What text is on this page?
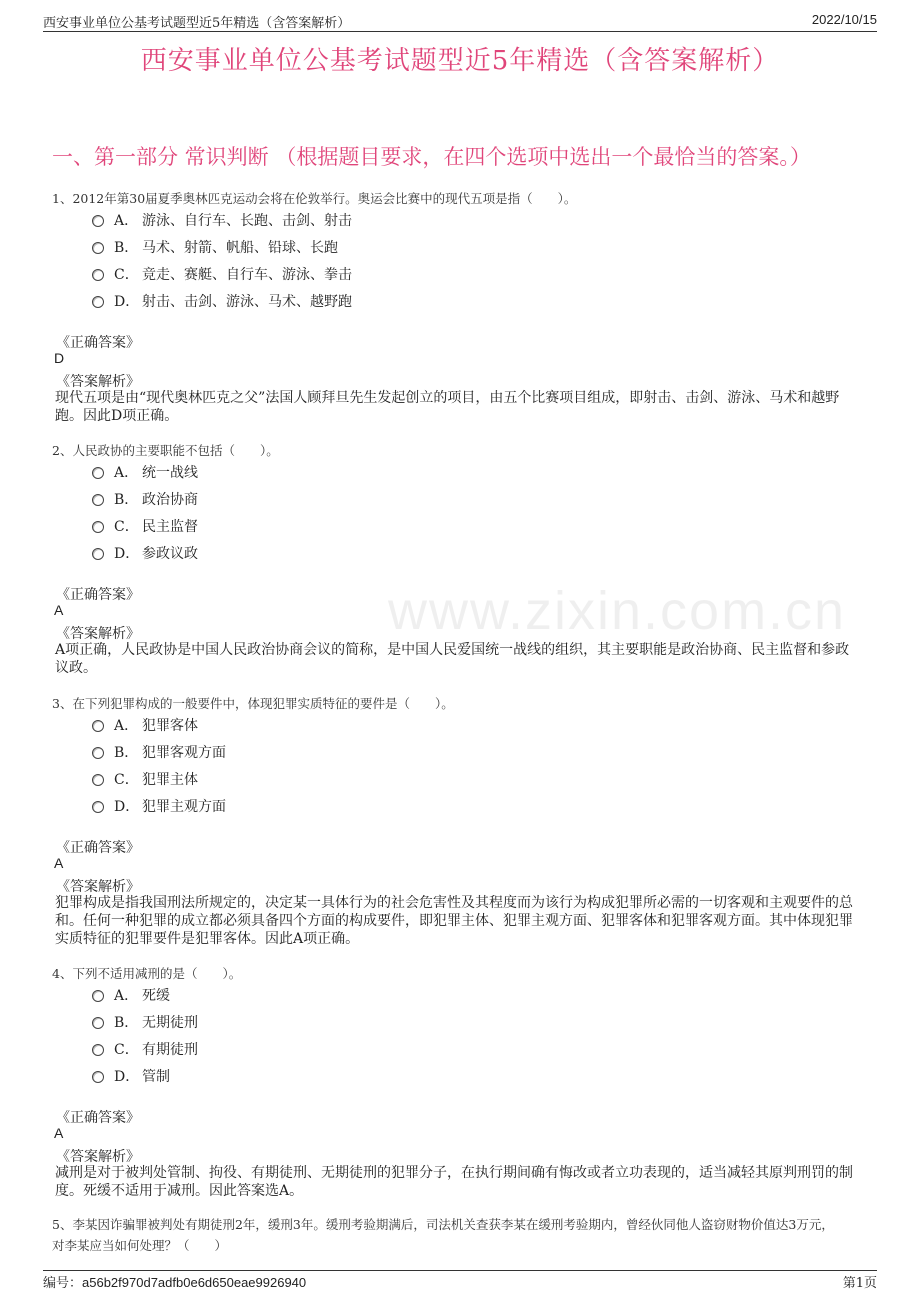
西安事业单位公基考试题型近5年精选（含答案解析）	2022/10/15
西安事业单位公基考试题型近5年精选（含答案解析）
一、第一部分 常识判断 （根据题目要求，在四个选项中选出一个最恰当的答案。）
www.zixin.com.cn
1、2012年第30届夏季奥林匹克运动会将在伦敦举行。奥运会比赛中的现代五项是指（　　）。
A． 游泳、自行车、长跑、击剑、射击
B． 马术、射箭、帆船、铅球、长跑
C． 竞走、赛艇、自行车、游泳、拳击
D． 射击、击剑、游泳、马术、越野跑
《正确答案》
D
《答案解析》
现代五项是由“现代奥林匹克之父”法国人顾拜旦先生发起创立的项目，由五个比赛项目组成，即射击、击剑、游泳、马术和越野跑。因此D项正确。
2、人民政协的主要职能不包括（　　）。
A． 统一战线
B． 政治协商
C． 民主监督
D． 参政议政
《正确答案》
A
《答案解析》
A项正确，人民政协是中国人民政治协商会议的简称，是中国人民爱国统一战线的组织，其主要职能是政治协商、民主监督和参政议政。
3、在下列犯罪构成的一般要件中，体现犯罪实质特征的要件是（　　）。
A． 犯罪客体
B． 犯罪客观方面
C． 犯罪主体
D． 犯罪主观方面
《正确答案》
A
《答案解析》
犯罪构成是指我国刑法所规定的，决定某一具体行为的社会危害性及其程度而为该行为构成犯罪所必需的一切客观和主观要件的总和。任何一种犯罪的成立都必须具备四个方面的构成要件，即犯罪主体、犯罪主观方面、犯罪客体和犯罪客观方面。其中体现犯罪实质特征的犯罪要件是犯罪客体。因此A项正确。
4、下列不适用减刑的是（　　）。
A． 死缓
B． 无期徒刑
C． 有期徒刑
D． 管制
《正确答案》
A
《答案解析》
减刑是对于被判处管制、拘役、有期徒刑、无期徒刑的犯罪分子，在执行期间确有悔改或者立功表现的，适当减轻其原判刑罚的制度。死缓不适用于减刑。因此答案选A。
5、李某因诈骗罪被判处有期徒刑2年，缓刑3年。缓刑考验期满后，司法机关查获李某在缓刑考验期内，曾经伙同他人盗窃财物价值达3万元，
对李某应当如何处理？（　　）
编号：a56b2f970d7adfb0e6d650eae9926940	第1页
